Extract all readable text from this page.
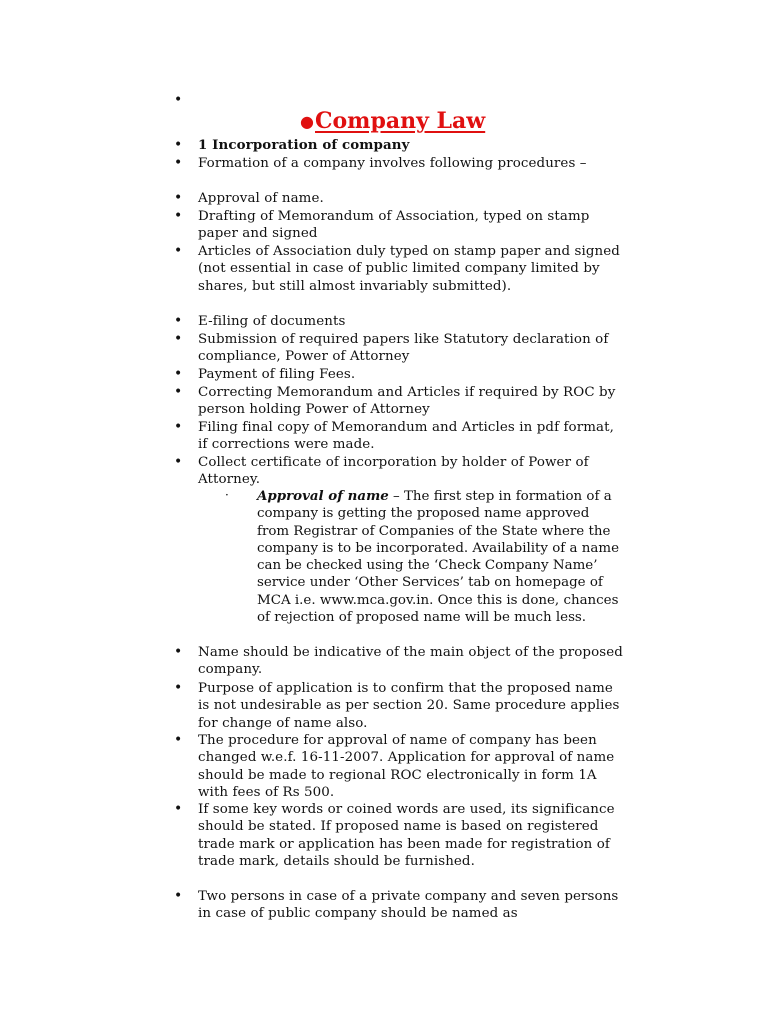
•
● Company Law
• 1 Incorporation of company
• Formation of a company involves following procedures –
• Approval of name.
• Drafting of Memorandum of Association, typed on stamp paper and signed
• Articles of Association duly typed on stamp paper and signed (not essential in case of public limited company limited by shares, but still almost invariably submitted).
• E-filing of documents
• Submission of required papers like Statutory declaration of compliance, Power of Attorney
• Payment of filing Fees.
• Correcting Memorandum and Articles if required by ROC by person holding Power of Attorney
• Filing final copy of Memorandum and Articles in pdf format, if corrections were made.
• Collect certificate of incorporation by holder of Power of Attorney.
· Approval of name – The first step in formation of a company is getting the proposed name approved from Registrar of Companies of the State where the company is to be incorporated. Availability of a name can be checked using the ‘Check Company Name’ service under ‘Other Services’ tab on homepage of MCA i.e. www.mca.gov.in. Once this is done, chances of rejection of proposed name will be much less.
• Name should be indicative of the main object of the proposed company.
• Purpose of application is to confirm that the proposed name is not undesirable as per section 20. Same procedure applies for change of name also.
• The procedure for approval of name of company has been changed w.e.f. 16-11-2007. Application for approval of name should be made to regional ROC electronically in form 1A with fees of Rs 500.
• If some key words or coined words are used, its significance should be stated. If proposed name is based on registered trade mark or application has been made for registration of trade mark, details should be furnished.
• Two persons in case of a private company and seven persons in case of public company should be named as
